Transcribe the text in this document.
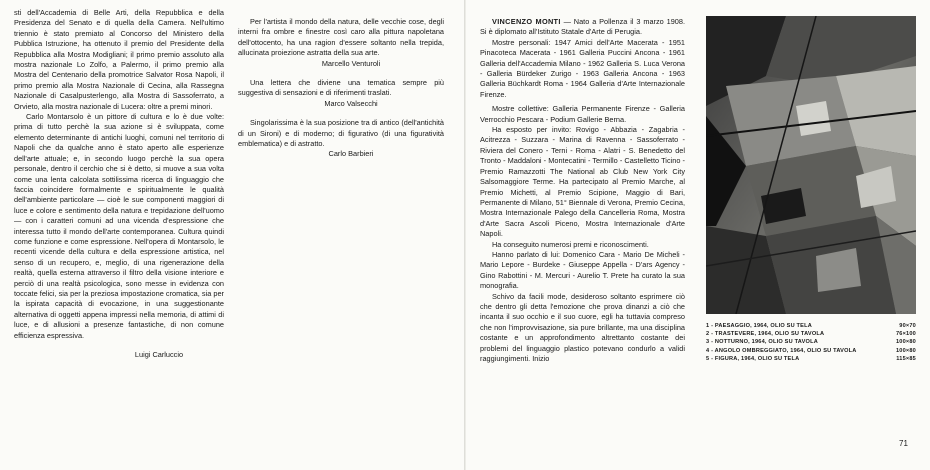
sti dell'Accademia di Belle Arti, della Repubblica e della Presidenza del Senato e di quella della Camera. Nell'ultimo triennio è stato premiato al Concorso del Ministero della Pubblica Istruzione, ha ottenuto il premio del Presidente della Repubblica alla Mostra Modigliani; il primo premio assoluto alla mostra nazionale Lo Zolfo, a Palermo, il primo premio alla Mostra del Centenario della promotrice Salvator Rosa Napoli, il primo premio alla Mostra Nazionale di Cecina, alla Rassegna Nazionale di Casalpusterlengo, alla Mostra di Sassoferrato, a Orvieto, alla mostra nazionale di Lucera: oltre a premi minori.

Carlo Montarsolo è un pittore di cultura e lo è due volte: prima di tutto perchè la sua azione si è sviluppata, come elemento determinante di antichi luoghi, comuni nel territorio di Napoli che da qualche anno è stato aperto alle esperienze dell'arte attuale; e, in secondo luogo perchè la sua opera personale, dentro il cerchio che si è detto, si muove a sua volta come una lenta calcolata sottilissima ricerca di linguaggio che faccia coincidere formalmente e spiritualmente le qualità dell'ambiente particolare — cioè le sue componenti maggiori di luce e colore e sentimento della natura e trepidazione dell'uomo — con i caratteri comuni ad una vicenda d'espressione che interessa tutto il mondo dell'arte contemporanea. Cultura quindi come funzione e come espressione. Nell'opera di Montarsolo, le recenti vicende della cultura e della espressione artistica, nel senso di un recupero, e, meglio, di una rigenerazione della realtà, quella esterna attraverso il filtro della visione interiore e perciò di una realtà psicologica, sono messe in evidenza con toccate felici, sia per la preziosa impostazione cromatica, sia per la ispirata capacità di evocazione, in una suggestionante alternativa di oggetti appena impressi nella memoria, di attimi di luce, e di allusioni a presenze fantastiche, di non comune efficienza espressiva.

Luigi Carluccio

Per l'artista il mondo della natura, delle vecchie cose, degli interni fra ombre e finestre così caro alla pittura napoletana dell'ottocento, ha una ragion d'essere soltanto nella trepida, allucinata proiezione astratta della sua arte.

Marcello Venturoli

Una lettera che diviene una tematica sempre più suggestiva di sensazioni e di riferimenti traslati.

Marco Valsecchi

Singolarissima è la sua posizione tra di antico (dell'antichità di un Sironi) e di moderno; di figurativo (di una figuratività emblematica) e di astratto.

Carlo Barbieri

VINCENZO MONTI — Nato a Pollenza il 3 marzo 1908. Si è diplomato all'Istituto Statale d'Arte di Perugia.

Mostre personali: 1947 Amici dell'Arte Macerata - 1951 Pinacoteca Macerata - 1961 Galleria Puccini Ancona - 1961 Galleria dell'Accademia Milano - 1962 Galleria S. Luca Verona - Galleria Bürdeker Zurigo - 1963 Galleria Ancona - 1963 Galleria Büchkardt Roma - 1964 Galleria d'Arte Internazionale Firenze.

Mostre collettive: Galleria Permanente Firenze - Galleria Verrocchio Pescara - Podium Gallerie Berna.

Ha esposto per invito: Rovigo - Abbazia - Zagabria - Acitrezza - Suzzara - Marina di Ravenna - Sassoferrato - Riviera del Conero - Terni - Roma - Alatri - S. Benedetto del Tronto - Maddaloni - Montecatini - Termillo - Castelletto Ticino - Premio Ramazzotti The National ab Club New York City Salsomaggiore Terme. Ha partecipato al Premio Marche, al Premio Michetti, al Premio Scipione, Maggio di Bari, Permanente di Milano, 51° Biennale di Verona, Premio Cecina, Mostra Internazionale Palego della Cancelleria Roma, Mostra d'Arte Sacra Ascoli Piceno, Mostra Internazionale d'Arte Napoli.

Ha conseguito numerosi premi e riconoscimenti.

Hanno parlato di lui: Domenico Cara - Mario De Micheli - Mario Lepore - Burdeke - Giuseppe Appella - D'ars Agency - Gino Rabottini - M. Mercuri - Aurelio T. Prete ha curato la sua monografia.

Schivo da facili mode, desideroso soltanto esprimere ciò che dentro gli detta l'emozione che prova dinanzi a ciò che incanta il suo occhio e il suo cuore, egli ha tuttavia compreso che non l'improvvisazione, sia pure brillante, ma una disciplina costante e un approfondimento altrettanto costante dei problemi del linguaggio plastico potevano condurlo a validi raggiungimenti. Inizio

1 - PAESAGGIO, 1964, OLIO SU TELA	90×70
2 - TRASTEVERE, 1964, OLIO SU TAVOLA	76×100
3 - NOTTURNO, 1964, OLIO SU TAVOLA	100×80
4 - ANGOLO OMBREGGIATO, 1964, OLIO SU TAVOLA	100×80
5 - FIGURA, 1964, OLIO SU TELA	115×85
71
